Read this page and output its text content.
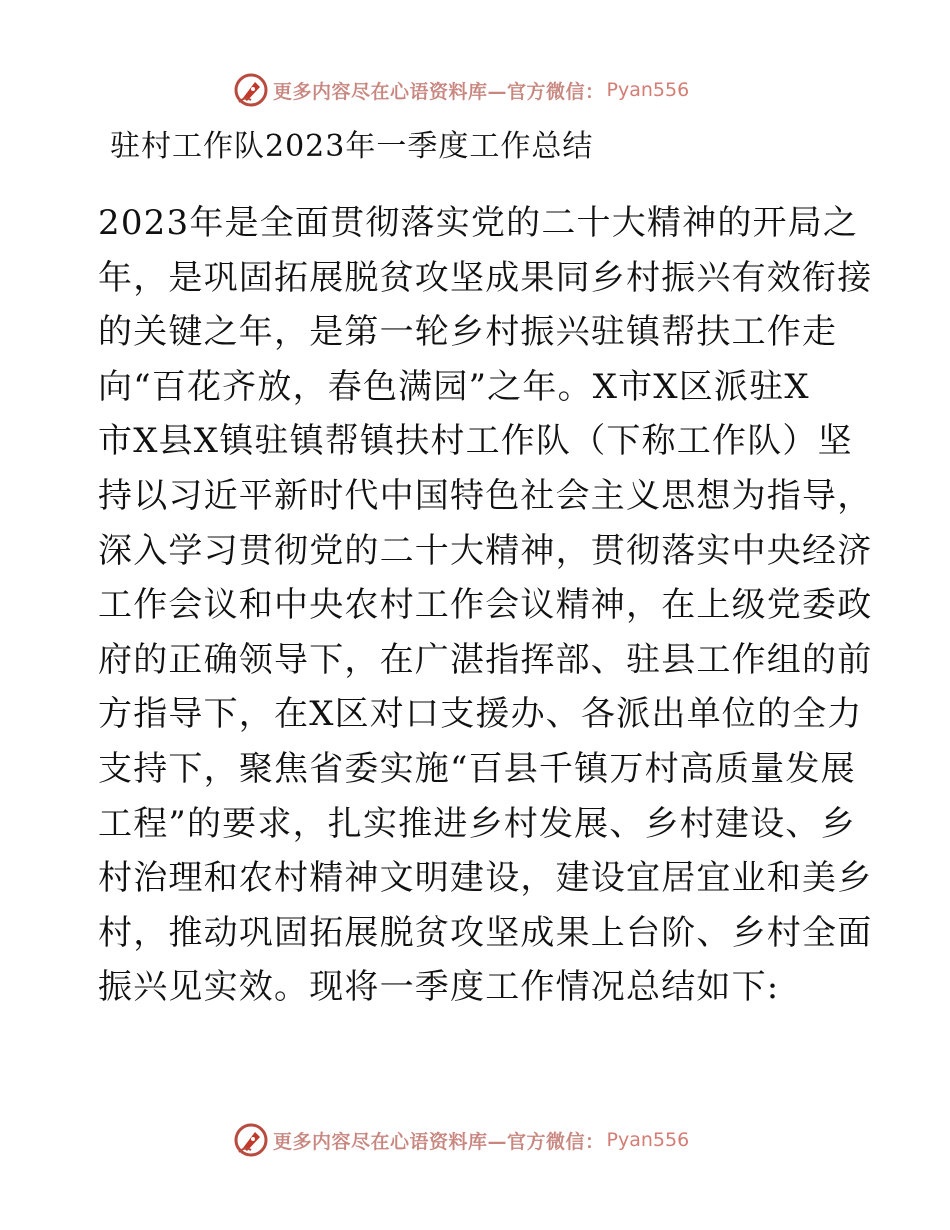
更多内容尽在心语资料库—官方微信： Pyan556
驻村工作队2023年一季度工作总结
2023年是全面贯彻落实党的二十大精神的开局之
年，是巩固拓展脱贫攻坚成果同乡村振兴有效衔接
的关键之年，是第一轮乡村振兴驻镇帮扶工作走
向“百花齐放，春色满园”之年。X市X区派驻X
市X县X镇驻镇帮镇扶村工作队（下称工作队）坚
持以习近平新时代中国特色社会主义思想为指导，
深入学习贯彻党的二十大精神，贯彻落实中央经济
工作会议和中央农村工作会议精神，在上级党委政
府的正确领导下，在广湛指挥部、驻县工作组的前
方指导下，在X区对口支援办、各派出单位的全力
支持下，聚焦省委实施“百县千镇万村高质量发展
工程”的要求，扎实推进乡村发展、乡村建设、乡
村治理和农村精神文明建设，建设宜居宜业和美乡
村，推动巩固拓展脱贫攻坚成果上台阶、乡村全面
振兴见实效。现将一季度工作情况总结如下:
更多内容尽在心语资料库—官方微信： Pyan556
